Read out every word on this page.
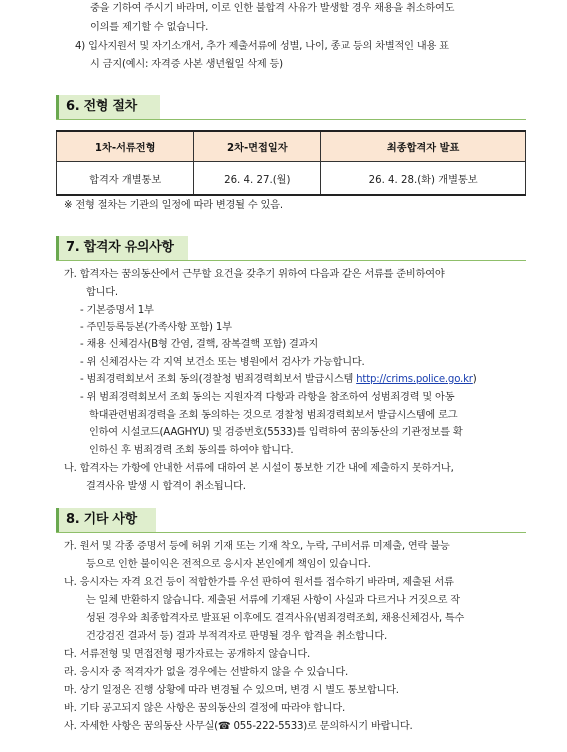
중을 기하여 주시기 바라며, 이로 인한 불합격 사유가 발생할 경우 채용을 취소하여도
이의를 제기할 수 없습니다.
4) 입사지원서 및 자기소개서, 추가 제출서류에 성별, 나이, 종교 등의 차별적인 내용 표
시 금지(예시: 자격증 사본 생년월일 삭제 등)
6. 전형 절차
1차-서류전형	2차-면접일자	최종합격자 발표
합격자 개별통보	26. 4. 27.(월)	26. 4. 28.(화) 개별통보
※ 전형 절차는 기관의 일정에 따라 변경될 수 있음.
7. 합격자 유의사항
가. 합격자는 꿈의동산에서 근무할 요건을 갖추기 위하여 다음과 같은 서류를 준비하여야
합니다.
- 기본증명서 1부
- 주민등록등본(가족사항 포함) 1부
- 채용 신체검사(B형 간염, 결핵, 잠복결핵 포함) 결과지
- 위 신체검사는 각 지역 보건소 또는 병원에서 검사가 가능합니다.
- 범죄경력회보서 조회 동의(경찰청 범죄경력회보서 발급시스템 http://crims.police.go.kr)
- 위 범죄경력회보서 조회 동의는 지원자격 다항과 라항을 참조하여 성범죄경력 및 아동
학대관련범죄경력을 조회 동의하는 것으로 경찰청 범죄경력회보서 발급시스템에 로그
인하여 시설코드(AAGHYU) 및 검증번호(5533)를 입력하여 꿈의동산의 기관정보를 확
인하신 후 범죄경력 조회 동의를 하여야 합니다.
나. 합격자는 가항에 안내한 서류에 대하여 본 시설이 통보한 기간 내에 제출하지 못하거나,
결격사유 발생 시 합격이 취소됩니다.
8. 기타 사항
가. 원서 및 각종 증명서 등에 허위 기재 또는 기재 착오, 누락, 구비서류 미제출, 연락 불능
등으로 인한 불이익은 전적으로 응시자 본인에게 책임이 있습니다.
나. 응시자는 자격 요건 등이 적합한가를 우선 판하여 원서를 접수하기 바라며, 제출된 서류
는 일체 반환하지 않습니다. 제출된 서류에 기재된 사항이 사실과 다르거나 거짓으로 작
성된 경우와 최종합격자로 발표된 이후에도 결격사유(범죄경력조회, 채용신체검사, 특수
건강검진 결과서 등) 결과 부적격자로 판명될 경우 합격을 취소합니다.
다. 서류전형 및 면접전형 평가자료는 공개하지 않습니다.
라. 응시자 중 적격자가 없을 경우에는 선발하지 않을 수 있습니다.
마. 상기 일정은 진행 상황에 따라 변경될 수 있으며, 변경 시 별도 통보합니다.
바. 기타 공고되지 않은 사항은 꿈의동산의 결정에 따라야 합니다.
사. 자세한 사항은 꿈의동산 사무실(☎ 055-222-5533)로 문의하시기 바랍니다.
